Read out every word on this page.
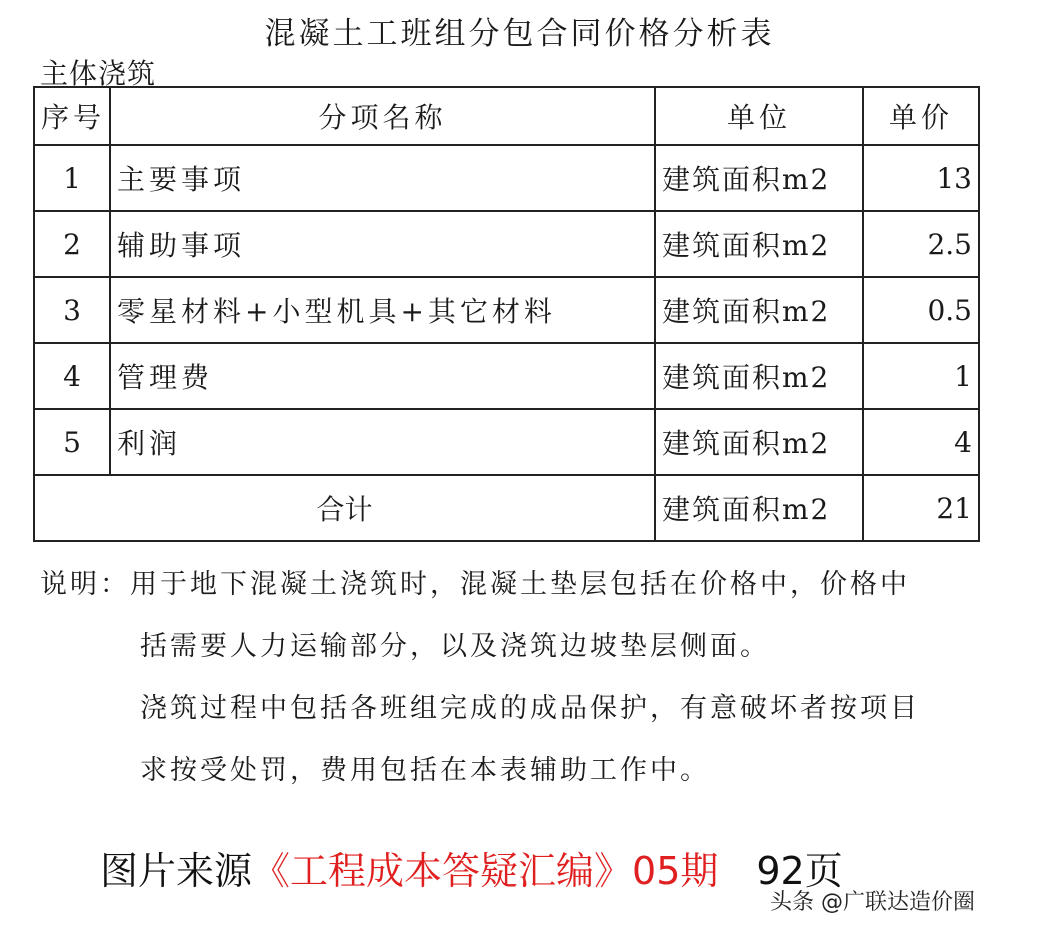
混凝土工班组分包合同价格分析表
主体浇筑
序号	分项名称	单位	单价
1	主要事项	建筑面积m2	13
2	辅助事项	建筑面积m2	2.5
3	零星材料+小型机具+其它材料	建筑面积m2	0.5
4	管理费	建筑面积m2	1
5	利润	建筑面积m2	4
合计		建筑面积m2	21
说明：用于地下混凝土浇筑时，混凝土垫层包括在价格中，价格中
括需要人力运输部分，以及浇筑边坡垫层侧面。
浇筑过程中包括各班组完成的成品保护，有意破坏者按项目
求按受处罚，费用包括在本表辅助工作中。
图片来源《工程成本答疑汇编》05期 92页
头条 @广联达造价圈
